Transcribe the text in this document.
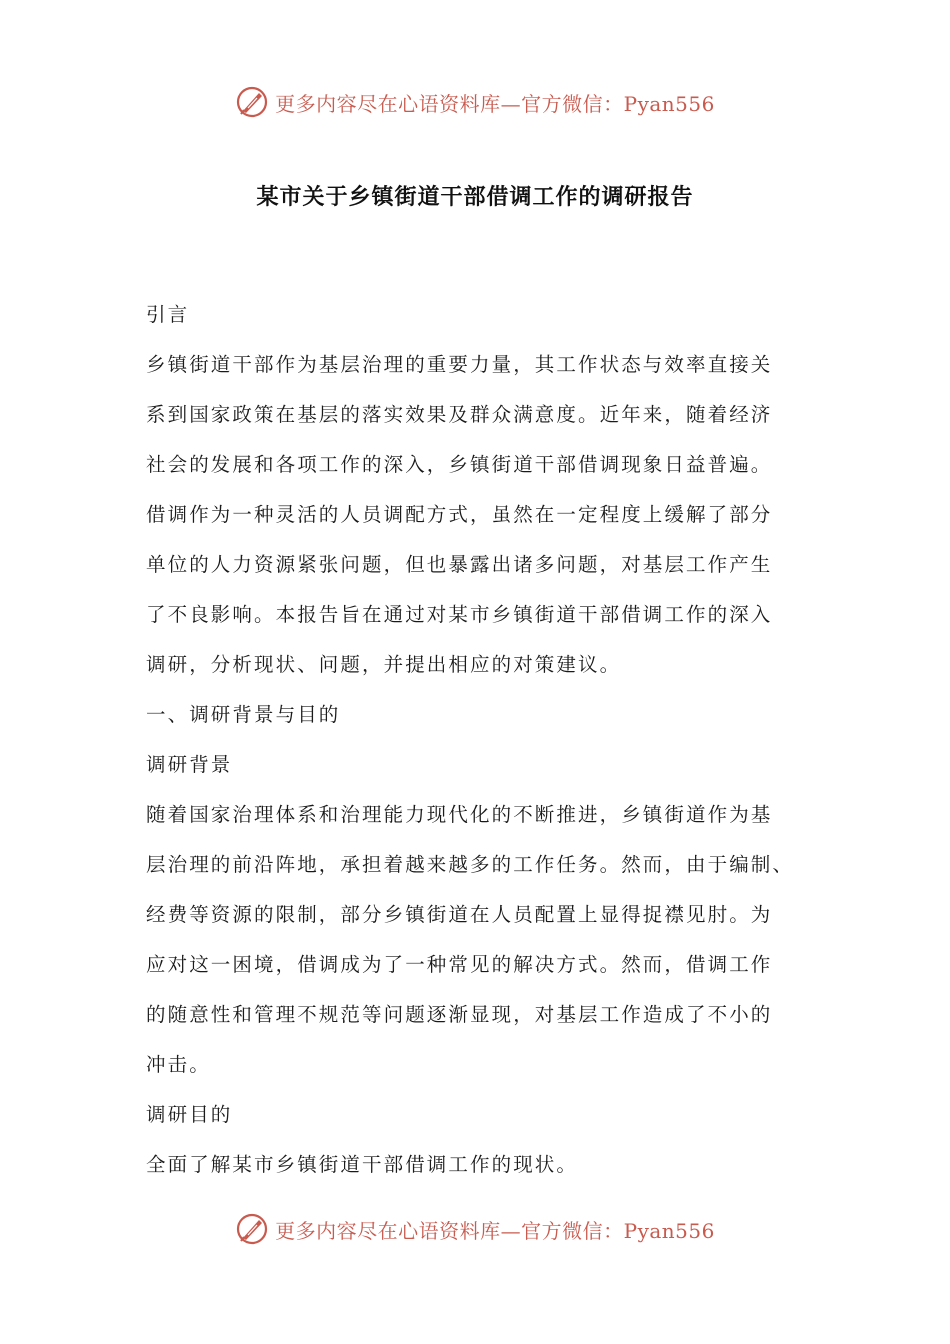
更多内容尽在心语资料库—官方微信：Pyan556
某市关于乡镇街道干部借调工作的调研报告
引言
乡镇街道干部作为基层治理的重要力量，其工作状态与效率直接关
系到国家政策在基层的落实效果及群众满意度。近年来，随着经济
社会的发展和各项工作的深入，乡镇街道干部借调现象日益普遍。
借调作为一种灵活的人员调配方式，虽然在一定程度上缓解了部分
单位的人力资源紧张问题，但也暴露出诸多问题，对基层工作产生
了不良影响。本报告旨在通过对某市乡镇街道干部借调工作的深入
调研，分析现状、问题，并提出相应的对策建议。
一、调研背景与目的
调研背景
随着国家治理体系和治理能力现代化的不断推进，乡镇街道作为基
层治理的前沿阵地，承担着越来越多的工作任务。然而，由于编制、
经费等资源的限制，部分乡镇街道在人员配置上显得捉襟见肘。为
应对这一困境，借调成为了一种常见的解决方式。然而，借调工作
的随意性和管理不规范等问题逐渐显现，对基层工作造成了不小的
冲击。
调研目的
全面了解某市乡镇街道干部借调工作的现状。
更多内容尽在心语资料库—官方微信：Pyan556
